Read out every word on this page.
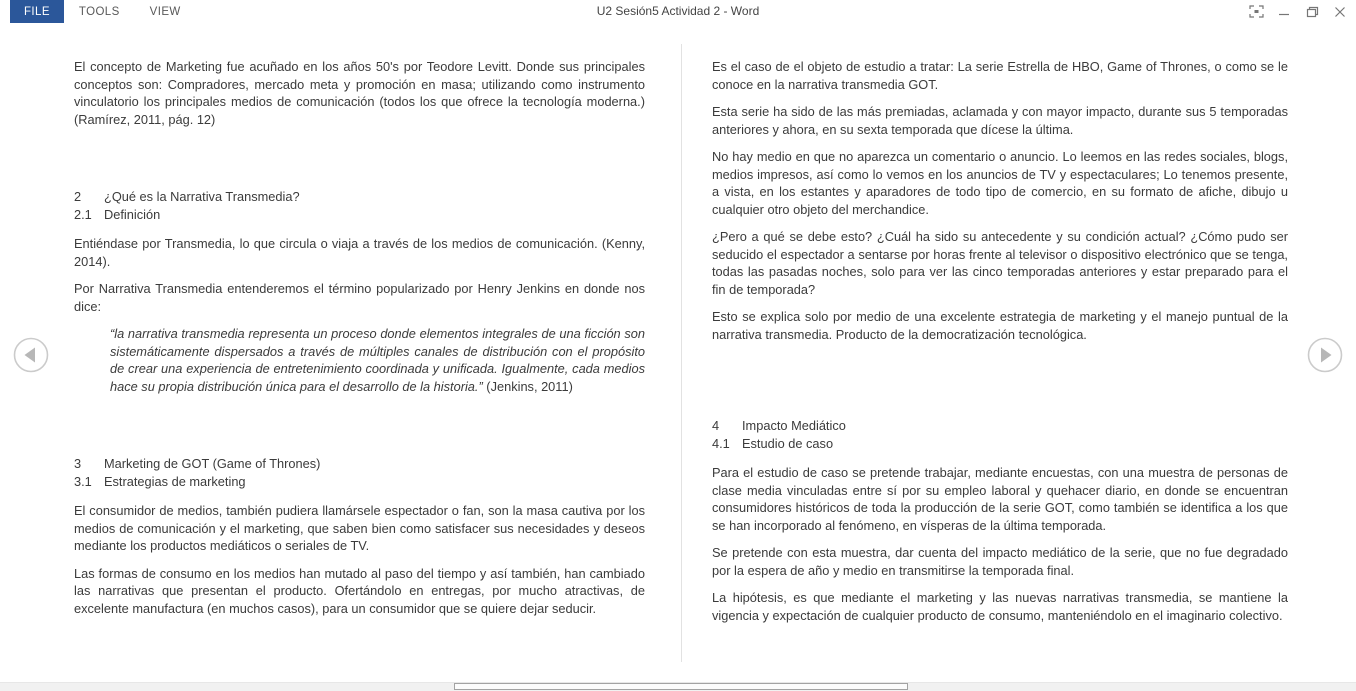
FILE	TOOLS	VIEW	U2 Sesión5 Actividad 2 - Word

El concepto de Marketing fue acuñado en los años 50's por Teodore Levitt. Donde sus principales conceptos son: Compradores, mercado meta y promoción en masa; utilizando como instrumento vinculatorio los principales medios de comunicación (todos los que ofrece la tecnología moderna.) (Ramírez, 2011, pág. 12)

2	¿Qué es la Narrativa Transmedia?
2.1 Definición

Entiéndase por Transmedia, lo que circula o viaja a través de los medios de comunicación. (Kenny, 2014).

Por Narrativa Transmedia entenderemos el término popularizado por Henry Jenkins en donde nos dice:

“la narrativa transmedia representa un proceso donde elementos integrales de una ficción son sistemáticamente dispersados a través de múltiples canales de distribución con el propósito de crear una experiencia de entretenimiento coordinada y unificada. Igualmente, cada medios hace su propia distribución única para el desarrollo de la historia.” (Jenkins, 2011)

3	Marketing de GOT (Game of Thrones)
3.1 Estrategias de marketing

El consumidor de medios, también pudiera llamársele espectador o fan, son la masa cautiva por los medios de comunicación y el marketing, que saben bien como satisfacer sus necesidades y deseos mediante los productos mediáticos o seriales de TV.

Las formas de consumo en los medios han mutado al paso del tiempo y así también, han cambiado las narrativas que presentan el producto. Ofertándolo en entregas, por mucho atractivas, de excelente manufactura (en muchos casos), para un consumidor que se quiere dejar seducir.

Es el caso de el objeto de estudio a tratar: La serie Estrella de HBO, Game of Thrones, o como se le conoce en la narrativa transmedia GOT.

Esta serie ha sido de las más premiadas, aclamada y con mayor impacto, durante sus 5 temporadas anteriores y ahora, en su sexta temporada que dícese la última.

No hay medio en que no aparezca un comentario o anuncio. Lo leemos en las redes sociales, blogs, medios impresos, así como lo vemos en los anuncios de TV y espectaculares; Lo tenemos presente, a vista, en los estantes y aparadores de todo tipo de comercio, en su formato de afiche, dibujo u cualquier otro objeto del merchandice.

¿Pero a qué se debe esto? ¿Cuál ha sido su antecedente y su condición actual? ¿Cómo pudo ser seducido el espectador a sentarse por horas frente al televisor o dispositivo electrónico que se tenga, todas las pasadas noches, solo para ver las cinco temporadas anteriores y estar preparado para el fin de temporada?

Esto se explica solo por medio de una excelente estrategia de marketing y el manejo puntual de la narrativa transmedia. Producto de la democratización tecnológica.

4	Impacto Mediático
4.1 Estudio de caso

Para el estudio de caso se pretende trabajar, mediante encuestas, con una muestra de personas de clase media vinculadas entre sí por su empleo laboral y quehacer diario, en donde se encuentran consumidores históricos de toda la producción de la serie GOT, como también se identifica a los que se han incorporado al fenómeno, en vísperas de la última temporada.

Se pretende con esta muestra, dar cuenta del impacto mediático de la serie, que no fue degradado por la espera de año y medio en transmitirse la temporada final.

La hipótesis, es que mediante el marketing y las nuevas narrativas transmedia, se mantiene la vigencia y expectación de cualquier producto de consumo, manteniéndolo en el imaginario colectivo.
